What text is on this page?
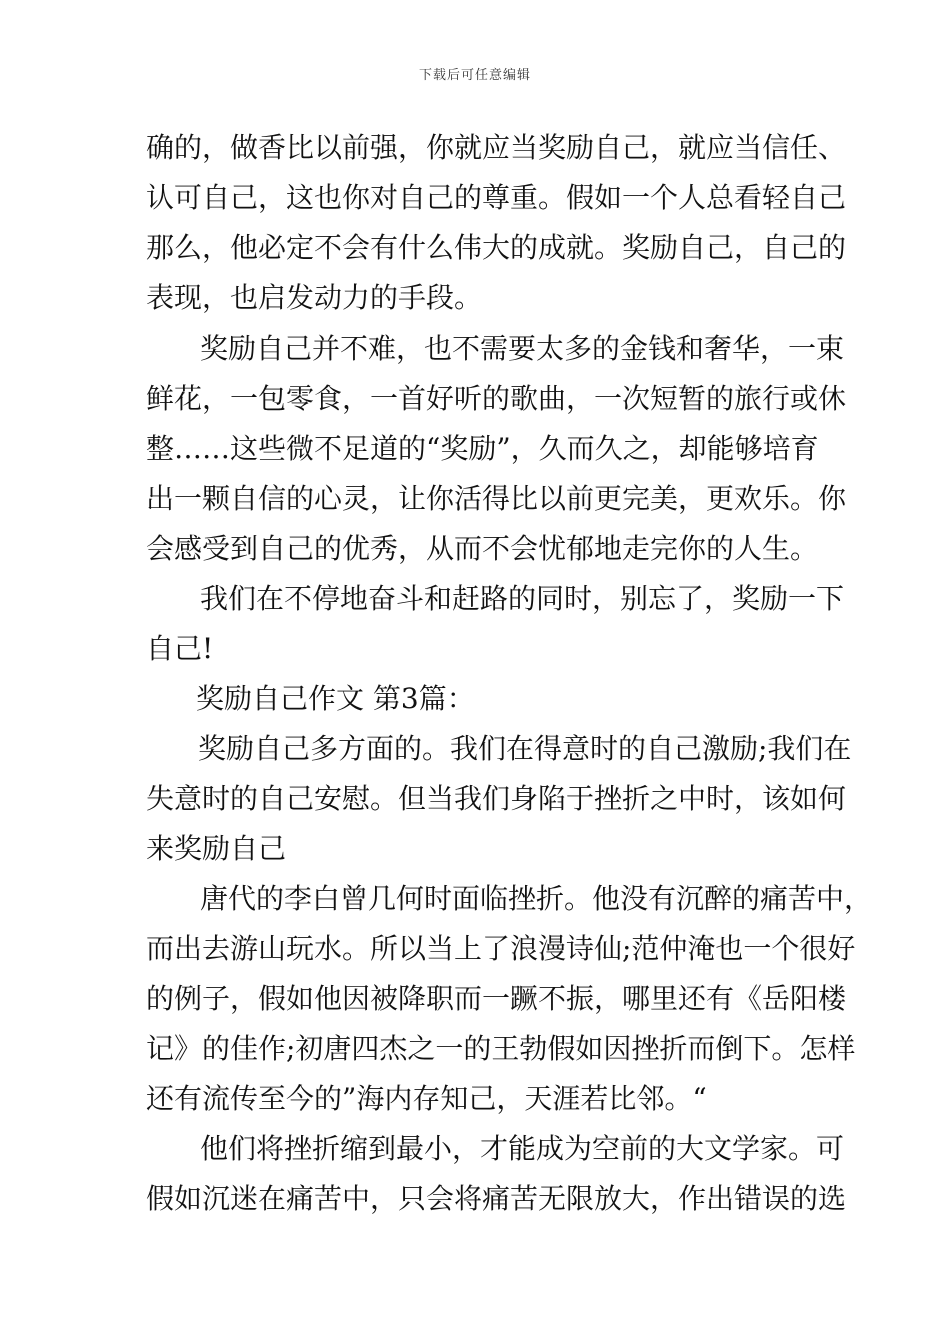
下载后可任意编辑
确的，做香比以前强，你就应当奖励自己，就应当信任、
认可自己，这也你对自己的尊重。假如一个人总看轻自己
那么，他必定不会有什么伟大的成就。奖励自己，自己的
表现，也启发动力的手段。
奖励自己并不难，也不需要太多的金钱和奢华，一束
鲜花，一包零食，一首好听的歌曲，一次短暂的旅行或休
整……这些微不足道的“奖励”，久而久之，却能够培育
出一颗自信的心灵，让你活得比以前更完美，更欢乐。你
会感受到自己的优秀，从而不会忧郁地走完你的人生。
我们在不停地奋斗和赶路的同时，别忘了，奖励一下
自己!
奖励自己作文 第3篇：
奖励自己多方面的。我们在得意时的自己激励;我们在
失意时的自己安慰。但当我们身陷于挫折之中时，该如何
来奖励自己
唐代的李白曾几何时面临挫折。他没有沉醉的痛苦中，
而出去游山玩水。所以当上了浪漫诗仙;范仲淹也一个很好
的例子，假如他因被降职而一蹶不振，哪里还有《岳阳楼
记》的佳作;初唐四杰之一的王勃假如因挫折而倒下。怎样
还有流传至今的”海内存知己，天涯若比邻。“
他们将挫折缩到最小，才能成为空前的大文学家。可
假如沉迷在痛苦中，只会将痛苦无限放大，作出错误的选
